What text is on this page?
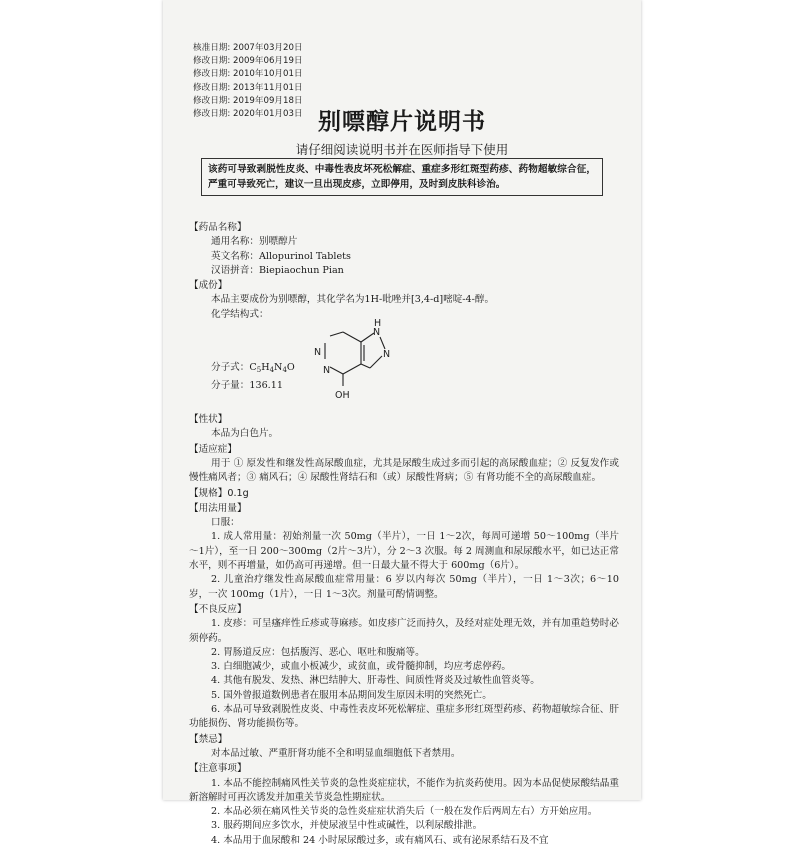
核准日期: 2007年03月20日
修改日期: 2009年06月19日
修改日期: 2010年10月01日
修改日期: 2013年11月01日
修改日期: 2019年09月18日
修改日期: 2020年01月03日 别嘌醇片说明书
请仔细阅读说明书并在医师指导下使用
该药可导致剥脱性皮炎、中毒性表皮坏死松解症、重症多形红斑型药疹、药物超敏综合征，严重可导致死亡，建议一旦出现皮疹，立即停用，及时到皮肤科诊治。
【药品名称】
通用名称：别嘌醇片
英文名称：Allopurinol Tablets
汉语拼音：Biepiaochun Pian
【成份】
本品主要成份为别嘌醇，其化学名为1H-吡唑并[3,4-d]嘧啶-4-醇。
化学结构式：
分子式：$C_5H_4N_4O$
分子量：136.11
N
N
N
H
N
OH
【性状】
本品为白色片。
【适应症】
用于 ① 原发性和继发性高尿酸血症，尤其是尿酸生成过多而引起的高尿酸血症；② 反复发作或慢性痛风者；③ 痛风石；④ 尿酸性肾结石和（或）尿酸性肾病；⑤ 有肾功能不全的高尿酸血症。
【规格】0.1g
【用法用量】
口服：
1. 成人常用量：初始剂量一次 50mg（半片），一日 1～2次，每周可递增 50～100mg（半片～1片），至一日 200～300mg（2片～3片），分 2～3 次服。每 2 周测血和尿尿酸水平，如已达正常水平，则不再增量，如仍高可再递增。但一日最大量不得大于 600mg（6片）。
2. 儿童治疗继发性高尿酸血症常用量：6 岁以内每次 50mg（半片），一日 1～3次；6～10 岁，一次 100mg（1片），一日 1～3次。剂量可酌情调整。
【不良反应】
1. 皮疹：可呈瘙痒性丘疹或荨麻疹。如皮疹广泛而持久，及经对症处理无效，并有加重趋势时必须停药。
2. 胃肠道反应：包括腹泻、恶心、呕吐和腹痛等。
3. 白细胞减少，或血小板减少，或贫血，或骨髓抑制，均应考虑停药。
4. 其他有脱发、发热、淋巴结肿大、肝毒性、间质性肾炎及过敏性血管炎等。
5. 国外曾报道数例患者在服用本品期间发生原因未明的突然死亡。
6. 本品可导致剥脱性皮炎、中毒性表皮坏死松解症、重症多形红斑型药疹、药物超敏综合征、肝功能损伤、肾功能损伤等。
【禁忌】
对本品过敏、严重肝肾功能不全和明显血细胞低下者禁用。
【注意事项】
1. 本品不能控制痛风性关节炎的急性炎症症状，不能作为抗炎药使用。因为本品促使尿酸结晶重新溶解时可再次诱发并加重关节炎急性期症状。
2. 本品必须在痛风性关节炎的急性炎症症状消失后（一般在发作后两周左右）方开始应用。
3. 服药期间应多饮水，并使尿液呈中性或碱性，以利尿酸排泄。
4. 本品用于血尿酸和 24 小时尿尿酸过多，或有痛风石、或有泌尿系结石及不宜
